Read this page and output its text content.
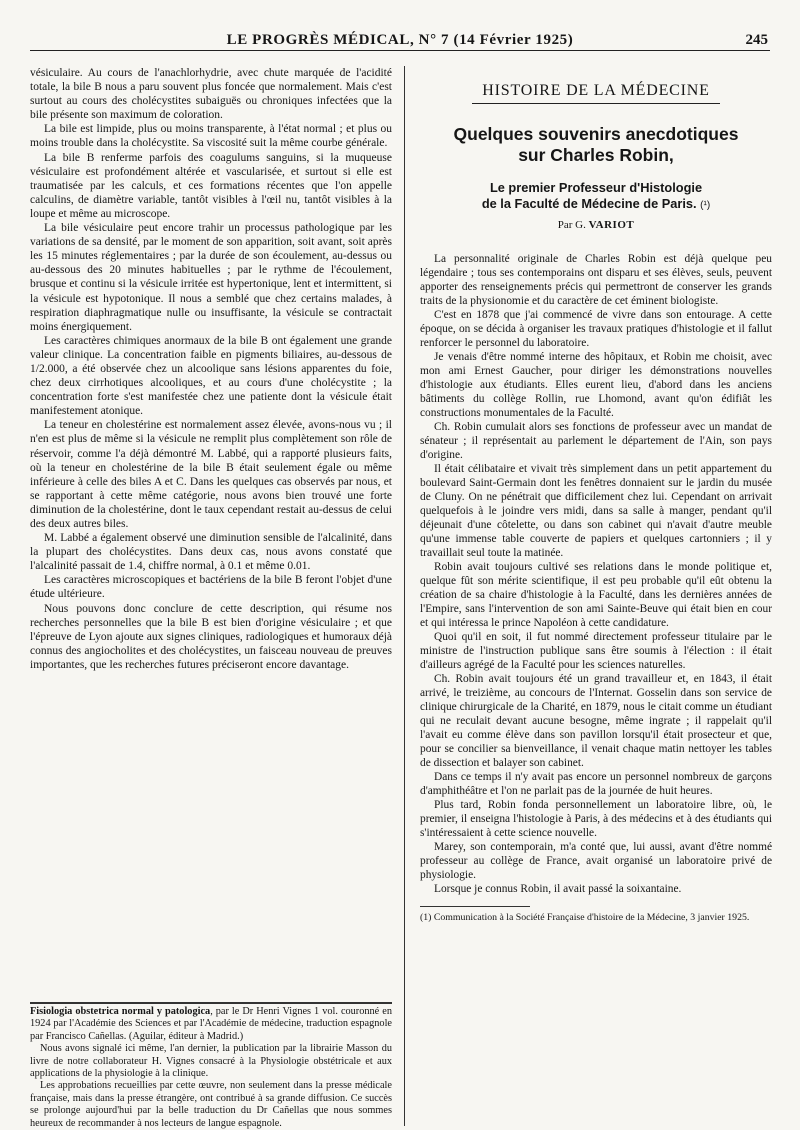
LE PROGRÈS MÉDICAL, N° 7 (14 Février 1925)	245

vésiculaire. Au cours de l'anachlorhydrie, avec chute marquée de l'acidité totale, la bile B nous a paru souvent plus foncée que normalement. Mais c'est surtout au cours des cholécystites subaiguës ou chroniques infectées que la bile présente son maximum de coloration.

La bile est limpide, plus ou moins transparente, à l'état normal ; et plus ou moins trouble dans la cholécystite. Sa viscosité suit la même courbe générale.

La bile B renferme parfois des coagulums sanguins, si la muqueuse vésiculaire est profondément altérée et vascularisée, et surtout si elle est traumatisée par les calculs, et ces formations récentes que l'on appelle calculins, de diamètre variable, tantôt visibles à l'œil nu, tantôt visibles à la loupe et même au microscope.

La bile vésiculaire peut encore trahir un processus pathologique par les variations de sa densité, par le moment de son apparition, soit avant, soit après les 15 minutes réglementaires ; par la durée de son écoulement, au-dessus ou au-dessous des 20 minutes habituelles ; par le rythme de l'écoulement, brusque et continu si la vésicule irritée est hypertonique, lent et intermittent, si la vésicule est hypotonique. Il nous a semblé que chez certains malades, à respiration diaphragmatique nulle ou insuffisante, la vésicule se contractait moins énergiquement.

Les caractères chimiques anormaux de la bile B ont également une grande valeur clinique. La concentration faible en pigments biliaires, au-dessous de 1/2.000, a été observée chez un alcoolique sans lésions apparentes du foie, chez deux cirrhotiques alcooliques, et au cours d'une cholécystite ; la concentration forte s'est manifestée chez une patiente dont la vésicule était manifestement atonique.

La teneur en cholestérine est normalement assez élevée, avons-nous vu ; il n'en est plus de même si la vésicule ne remplit plus complètement son rôle de réservoir, comme l'a déjà démontré M. Labbé, qui a rapporté plusieurs faits, où la teneur en cholestérine de la bile B était seulement égale ou même inférieure à celle des biles A et C. Dans les quelques cas observés par nous, et se rapportant à cette même catégorie, nous avons bien trouvé une forte diminution de la cholestérine, dont le taux cependant restait au-dessus de celui des deux autres biles.

M. Labbé a également observé une diminution sensible de l'alcalinité, dans la plupart des cholécystites. Dans deux cas, nous avons constaté que l'alcalinité passait de 1.4, chiffre normal, à 0.1 et même 0.01.

Les caractères microscopiques et bactériens de la bile B feront l'objet d'une étude ultérieure.

Nous pouvons donc conclure de cette description, qui résume nos recherches personnelles que la bile B est bien d'origine vésiculaire ; et que l'épreuve de Lyon ajoute aux signes cliniques, radiologiques et humoraux déjà connus des angiocholites et des cholécystites, un faisceau nouveau de preuves importantes, que les recherches futures préciseront encore davantage.

Fisiologia obstetrica normal y patologica, par le Dr Henri Vignes 1 vol. couronné en 1924 par l'Académie des Sciences et par l'Académie de médecine, traduction espagnole par Francisco Cañellas. (Aguilar, éditeur à Madrid.)

Nous avons signalé ici même, l'an dernier, la publication par la librairie Masson du livre de notre collaborateur H. Vignes consacré à la Physiologie obstétricale et aux applications de la physiologie à la clinique.

Les approbations recueillies par cette œuvre, non seulement dans la presse médicale française, mais dans la presse étrangère, ont contribué à sa grande diffusion. Ce succès se prolonge aujourd'hui par la belle traduction du Dr Cañellas que nous sommes heureux de recommander à nos lecteurs de langue espagnole.

HISTOIRE DE LA MÉDECINE
Quelques souvenirs anecdotiques
sur Charles Robin,
Le premier Professeur d'Histologie
de la Faculté de Médecine de Paris. (¹)
Par G. VARIOT

La personnalité originale de Charles Robin est déjà quelque peu légendaire ; tous ses contemporains ont disparu et ses élèves, seuls, peuvent apporter des renseignements précis qui permettront de conserver les grands traits de la physionomie et du caractère de cet éminent biologiste.

C'est en 1878 que j'ai commencé de vivre dans son entourage. A cette époque, on se décida à organiser les travaux pratiques d'histologie et il fallut renforcer le personnel du laboratoire.

Je venais d'être nommé interne des hôpitaux, et Robin me choisit, avec mon ami Ernest Gaucher, pour diriger les démonstrations nouvelles d'histologie aux étudiants. Elles eurent lieu, d'abord dans les anciens bâtiments du collège Rollin, rue Lhomond, avant qu'on édifiât les constructions monumentales de la Faculté.

Ch. Robin cumulait alors ses fonctions de professeur avec un mandat de sénateur ; il représentait au parlement le département de l'Ain, son pays d'origine.

Il était célibataire et vivait très simplement dans un petit appartement du boulevard Saint-Germain dont les fenêtres donnaient sur le jardin du musée de Cluny. On ne pénétrait que difficilement chez lui. Cependant on arrivait quelquefois à le joindre vers midi, dans sa salle à manger, pendant qu'il déjeunait d'une côtelette, ou dans son cabinet qui n'avait d'autre meuble qu'une immense table couverte de papiers et quelques cartonniers ; il y travaillait seul toute la matinée.

Robin avait toujours cultivé ses relations dans le monde politique et, quelque fût son mérite scientifique, il est peu probable qu'il eût obtenu la création de sa chaire d'histologie à la Faculté, dans les dernières années de l'Empire, sans l'intervention de son ami Sainte-Beuve qui était bien en cour et qui intéressa le prince Napoléon à cette candidature.

Quoi qu'il en soit, il fut nommé directement professeur titulaire par le ministre de l'instruction publique sans être soumis à l'élection : il était d'ailleurs agrégé de la Faculté pour les sciences naturelles.

Ch. Robin avait toujours été un grand travailleur et, en 1843, il était arrivé, le treizième, au concours de l'Internat. Gosselin dans son service de clinique chirurgicale de la Charité, en 1879, nous le citait comme un étudiant qui ne reculait devant aucune besogne, même ingrate ; il rappelait qu'il l'avait eu comme élève dans son pavillon lorsqu'il était prosecteur et que, pour se concilier sa bienveillance, il venait chaque matin nettoyer les tables de dissection et balayer son cabinet.

Dans ce temps il n'y avait pas encore un personnel nombreux de garçons d'amphithéâtre et l'on ne parlait pas de la journée de huit heures.

Plus tard, Robin fonda personnellement un laboratoire libre, où, le premier, il enseigna l'histologie à Paris, à des médecins et à des étudiants qui s'intéressaient à cette science nouvelle.

Marey, son contemporain, m'a conté que, lui aussi, avant d'être nommé professeur au collège de France, avait organisé un laboratoire privé de physiologie.

Lorsque je connus Robin, il avait passé la soixantaine.

(1) Communication à la Société Française d'histoire de la Médecine, 3 janvier 1925.
